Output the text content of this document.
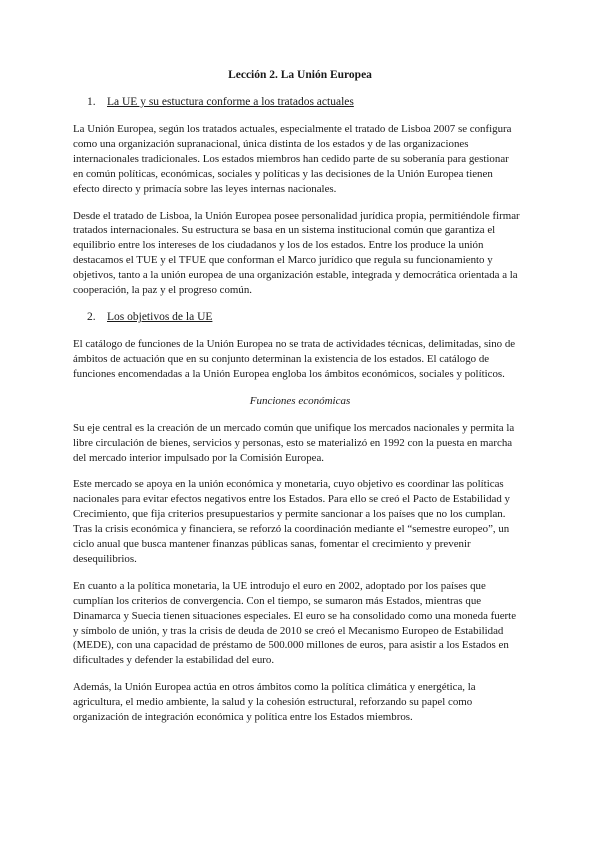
Lección 2. La Unión Europea
1. La UE y su estuctura conforme a los tratados actuales
La Unión Europea, según los tratados actuales, especialmente el tratado de Lisboa 2007 se configura
como una organización supranacional, única distinta de los estados y de las organizaciones
internacionales tradicionales. Los estados miembros han cedido parte de su soberanía para gestionar
en común políticas, económicas, sociales y políticas y las decisiones de la Unión Europea tienen
efecto directo y primacía sobre las leyes internas nacionales.
Desde el tratado de Lisboa, la Unión Europea posee personalidad jurídica propia, permitiéndole firmar
tratados internacionales. Su estructura se basa en un sistema institucional común que garantiza el
equilibrio entre los intereses de los ciudadanos y los de los estados. Entre los produce la unión
destacamos el TUE y el TFUE que conforman el Marco jurídico que regula su funcionamiento y
objetivos, tanto a la unión europea de una organización estable, integrada y democrática orientada a la
cooperación, la paz y el progreso común.
2. Los objetivos de la UE
El catálogo de funciones de la Unión Europea no se trata de actividades técnicas, delimitadas, sino de
ámbitos de actuación que en su conjunto determinan la existencia de los estados. El catálogo de
funciones encomendadas a la Unión Europea engloba los ámbitos económicos, sociales y políticos.
Funciones económicas
Su eje central es la creación de un mercado común que unifique los mercados nacionales y permita la
libre circulación de bienes, servicios y personas, esto se materializó en 1992 con la puesta en marcha
del mercado interior impulsado por la Comisión Europea.
Este mercado se apoya en la unión económica y monetaria, cuyo objetivo es coordinar las políticas
nacionales para evitar efectos negativos entre los Estados. Para ello se creó el Pacto de Estabilidad y
Crecimiento, que fija criterios presupuestarios y permite sancionar a los países que no los cumplan.
Tras la crisis económica y financiera, se reforzó la coordinación mediante el “semestre europeo”, un
ciclo anual que busca mantener finanzas públicas sanas, fomentar el crecimiento y prevenir
desequilibrios.
En cuanto a la política monetaria, la UE introdujo el euro en 2002, adoptado por los países que
cumplían los criterios de convergencia. Con el tiempo, se sumaron más Estados, mientras que
Dinamarca y Suecia tienen situaciones especiales. El euro se ha consolidado como una moneda fuerte
y símbolo de unión, y tras la crisis de deuda de 2010 se creó el Mecanismo Europeo de Estabilidad
(MEDE), con una capacidad de préstamo de 500.000 millones de euros, para asistir a los Estados en
dificultades y defender la estabilidad del euro.
Además, la Unión Europea actúa en otros ámbitos como la política climática y energética, la
agricultura, el medio ambiente, la salud y la cohesión estructural, reforzando su papel como
organización de integración económica y política entre los Estados miembros.
